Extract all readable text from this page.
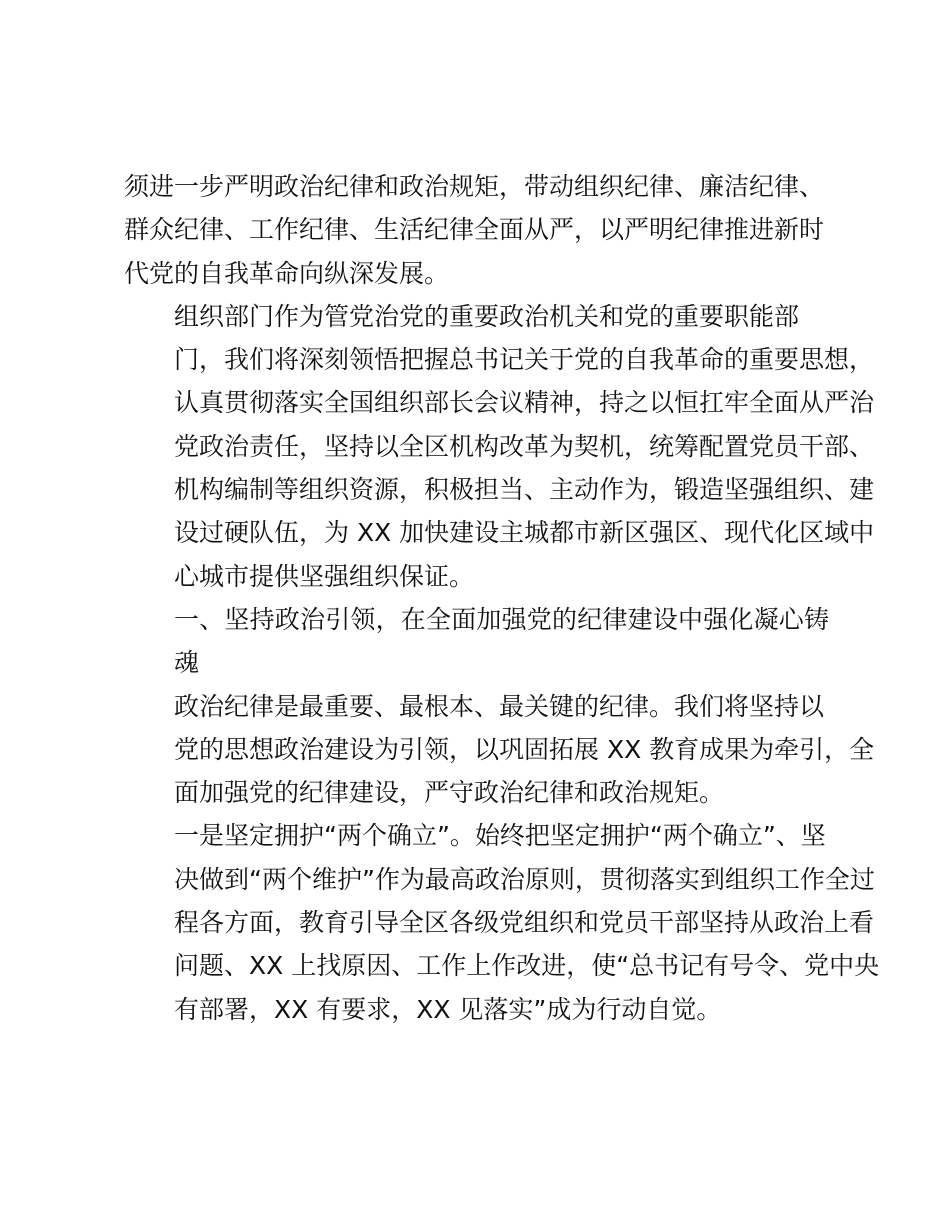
须进一步严明政治纪律和政治规矩，带动组织纪律、廉洁纪律、
群众纪律、工作纪律、生活纪律全面从严，以严明纪律推进新时
代党的自我革命向纵深发展。

组织部门作为管党治党的重要政治机关和党的重要职能部
门，我们将深刻领悟把握总书记关于党的自我革命的重要思想，
认真贯彻落实全国组织部长会议精神，持之以恒扛牢全面从严治
党政治责任，坚持以全区机构改革为契机，统筹配置党员干部、
机构编制等组织资源，积极担当、主动作为，锻造坚强组织、建
设过硬队伍，为 XX 加快建设主城都市新区强区、现代化区域中
心城市提供坚强组织保证。

一、坚持政治引领，在全面加强党的纪律建设中强化凝心铸
魂

政治纪律是最重要、最根本、最关键的纪律。我们将坚持以
党的思想政治建设为引领，以巩固拓展 XX 教育成果为牵引，全
面加强党的纪律建设，严守政治纪律和政治规矩。

一是坚定拥护“两个确立”。始终把坚定拥护“两个确立”、坚
决做到“两个维护”作为最高政治原则，贯彻落实到组织工作全过
程各方面，教育引导全区各级党组织和党员干部坚持从政治上看
问题、XX 上找原因、工作上作改进，使“总书记有号令、党中央
有部署，XX 有要求，XX 见落实”成为行动自觉。
